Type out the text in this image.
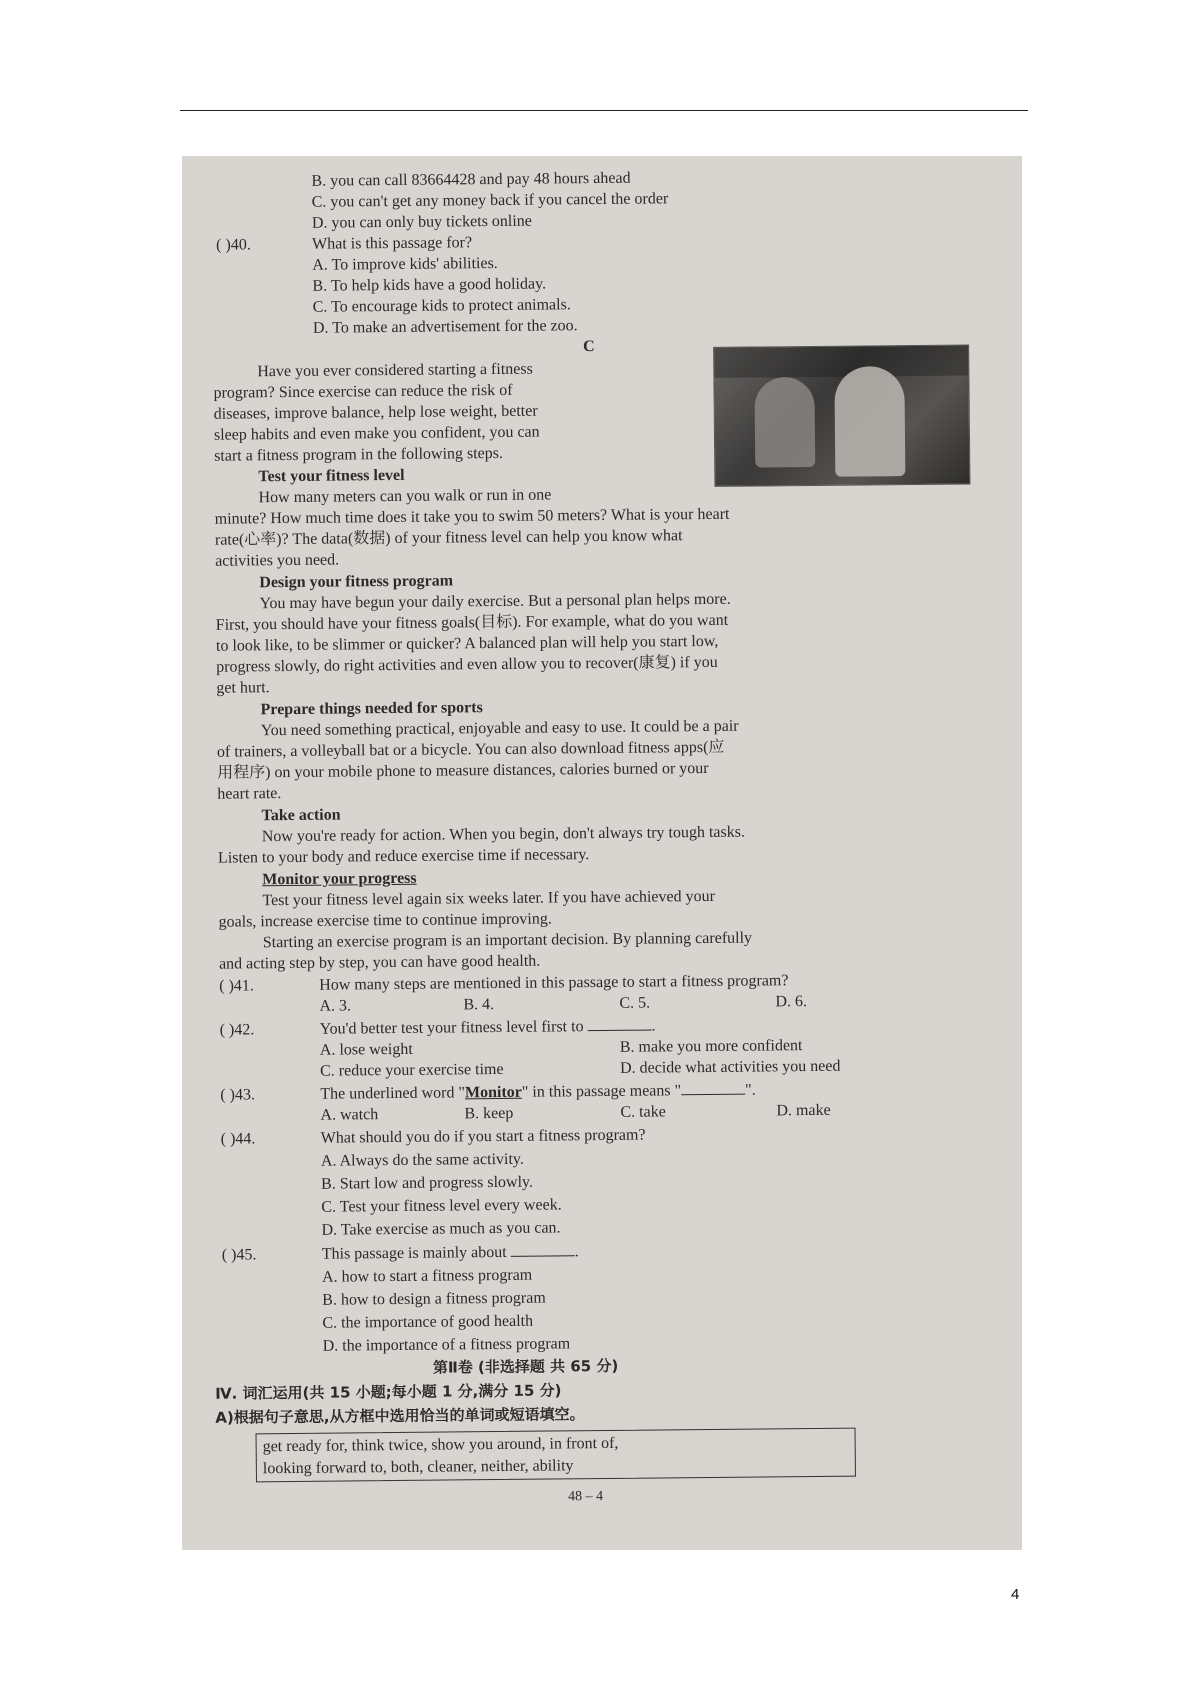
B. you can call 83664428 and pay 48 hours ahead
C. you can't get any money back if you cancel the order
D. you can only buy tickets online
( )40.	What is this passage for?
A. To improve kids' abilities.
B. To help kids have a good holiday.
C. To encourage kids to protect animals.
D. To make an advertisement for the zoo.
C
Have you ever considered starting a fitness
program? Since exercise can reduce the risk of
diseases, improve balance, help lose weight, better
sleep habits and even make you confident, you can
start a fitness program in the following steps.
Test your fitness level
How many meters can you walk or run in one
minute? How much time does it take you to swim 50 meters? What is your heart
rate(心率)? The data(数据) of your fitness level can help you know what
activities you need.
Design your fitness program
You may have begun your daily exercise. But a personal plan helps more.
First, you should have your fitness goals(目标). For example, what do you want
to look like, to be slimmer or quicker? A balanced plan will help you start low,
progress slowly, do right activities and even allow you to recover(康复) if you
get hurt.
Prepare things needed for sports
You need something practical, enjoyable and easy to use. It could be a pair
of trainers, a volleyball bat or a bicycle. You can also download fitness apps(应
用程序) on your mobile phone to measure distances, calories burned or your
heart rate.
Take action
Now you're ready for action. When you begin, don't always try tough tasks.
Listen to your body and reduce exercise time if necessary.
Monitor your progress
Test your fitness level again six weeks later. If you have achieved your
goals, increase exercise time to continue improving.
Starting an exercise program is an important decision. By planning carefully
and acting step by step, you can have good health.
( )41.	How many steps are mentioned in this passage to start a fitness program?
A. 3.	B. 4.	C. 5.	D. 6.
( )42.	You'd better test your fitness level first to	.
A. lose weight	B. make you more confident
C. reduce your exercise time	D. decide what activities you need
( )43.	The underlined word "Monitor" in this passage means "	".
A. watch	B. keep	C. take	D. make
( )44.	What should you do if you start a fitness program?
A. Always do the same activity.
B. Start low and progress slowly.
C. Test your fitness level every week.
D. Take exercise as much as you can.
( )45.	This passage is mainly about	.
A. how to start a fitness program
B. how to design a fitness program
C. the importance of good health
D. the importance of a fitness program
第Ⅱ卷 (非选择题 共 65 分)
Ⅳ. 词汇运用(共 15 小题;每小题 1 分,满分 15 分)
A)根据句子意思,从方框中选用恰当的单词或短语填空。
get ready for, think twice, show you around, in front of,
looking forward to, both, cleaner, neither, ability
48 – 4
4
